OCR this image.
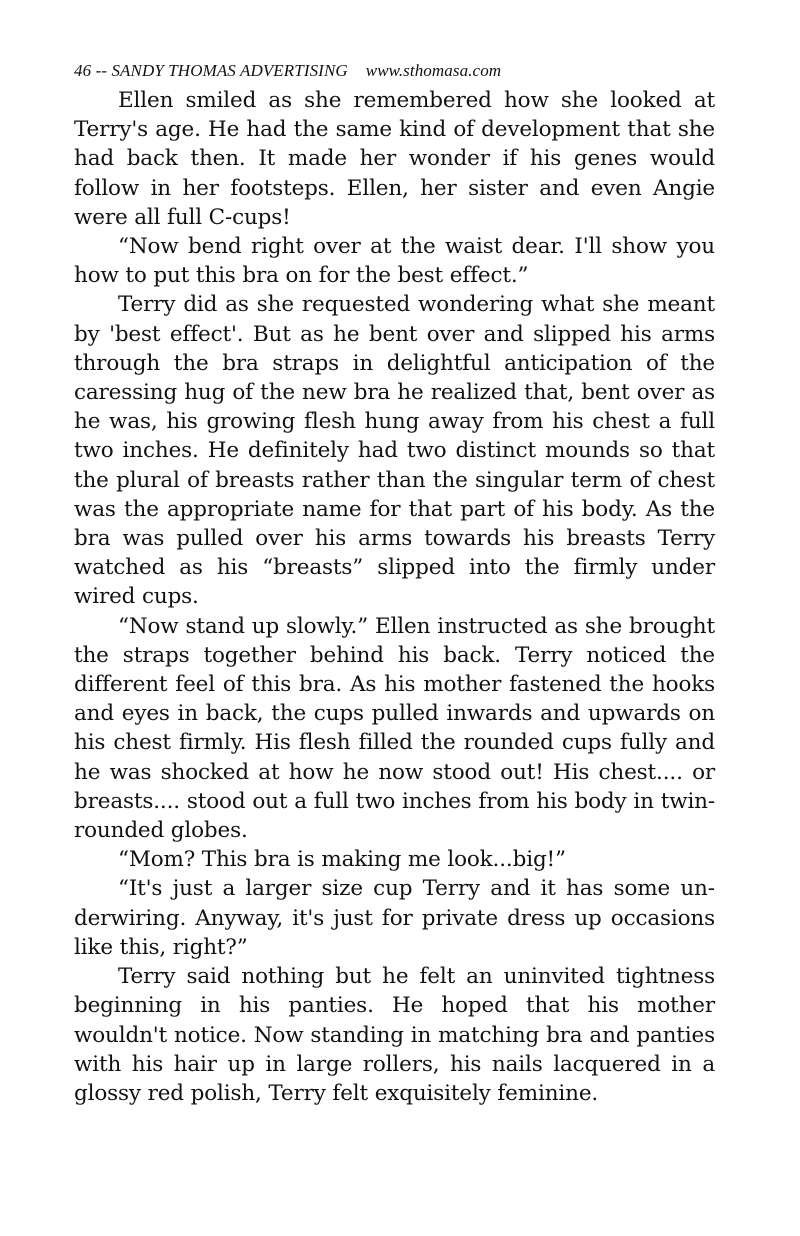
46 -- SANDY THOMAS ADVERTISING www.sthomasa.com

Ellen smiled as she remembered how she looked at Terry's age. He had the same kind of development that she had back then. It made her wonder if his genes would follow in her footsteps. Ellen, her sister and even Angie were all full C-cups!

“Now bend right over at the waist dear. I'll show you how to put this bra on for the best effect.”

Terry did as she requested wondering what she meant by 'best effect'. But as he bent over and slipped his arms through the bra straps in delightful anticipation of the caressing hug of the new bra he realized that, bent over as he was, his growing flesh hung away from his chest a full two inches. He definitely had two distinct mounds so that the plural of breasts rather than the singular term of chest was the appropriate name for that part of his body. As the bra was pulled over his arms towards his breasts Terry watched as his “breasts” slipped into the firmly under wired cups.

“Now stand up slowly.” Ellen instructed as she brought the straps together behind his back. Terry noticed the different feel of this bra. As his mother fastened the hooks and eyes in back, the cups pulled inwards and upwards on his chest firmly. His flesh filled the rounded cups fully and he was shocked at how he now stood out! His chest.... or breasts.... stood out a full two inches from his body in twin-rounded globes.

“Mom? This bra is making me look...big!”

“It's just a larger size cup Terry and it has some underwiring. Anyway, it's just for private dress up occasions like this, right?”

Terry said nothing but he felt an uninvited tightness beginning in his panties. He hoped that his mother wouldn't notice. Now standing in matching bra and panties with his hair up in large rollers, his nails lacquered in a glossy red polish, Terry felt exquisitely feminine.
